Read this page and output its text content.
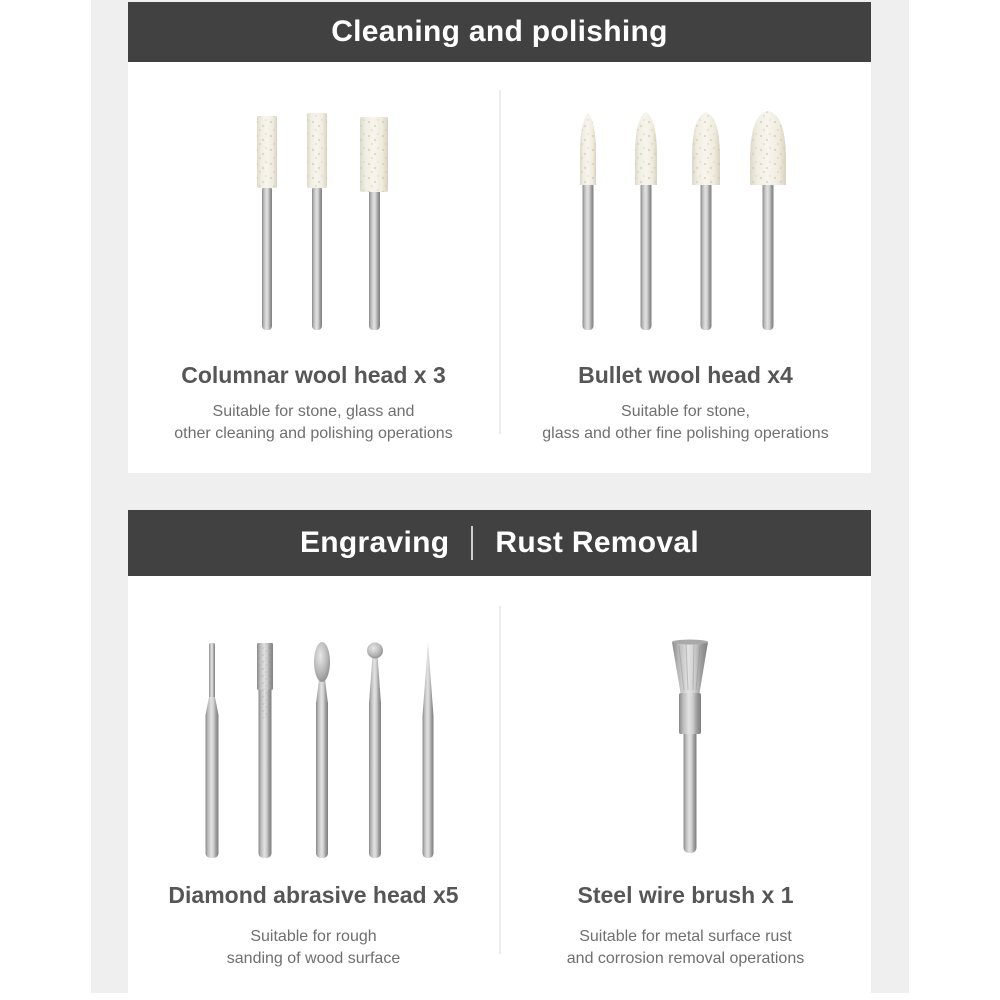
Cleaning and polishing
Columnar wool head x 3
Suitable for stone, glass and
other cleaning and polishing operations
Bullet wool head x4
Suitable for stone,
glass and other fine polishing operations
Engraving Rust Removal
Diamond abrasive head x5
Suitable for rough
sanding of wood surface
Steel wire brush x 1
Suitable for metal surface rust
and corrosion removal operations
